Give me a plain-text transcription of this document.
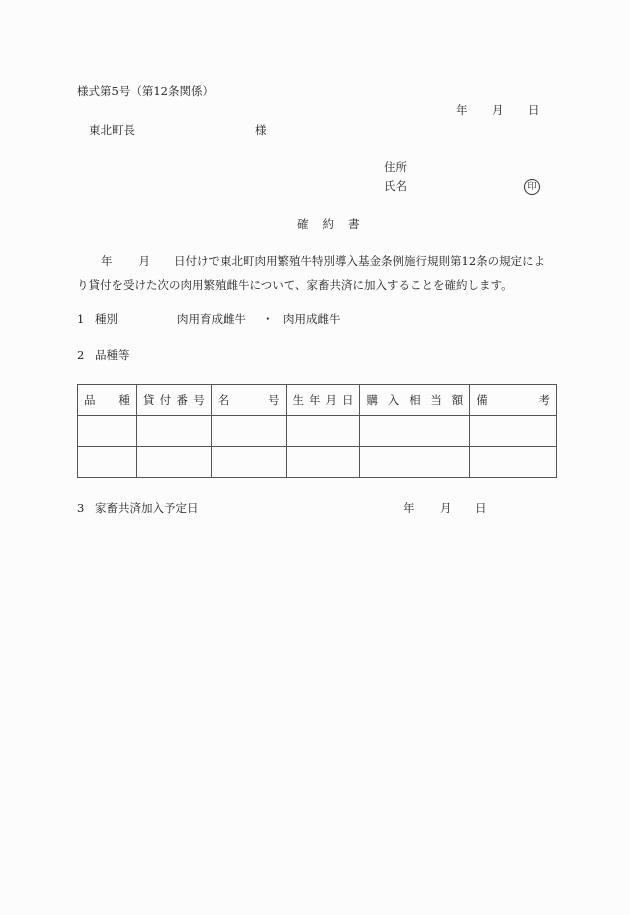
様式第5号（第12条関係）
年 月 日
東北町長	様
住所
氏名	印
確約書
年 月 日付けで東北町肉用繁殖牛特別導入基金条例施行規則第12条の規定によ
り貸付を受けた次の肉用繁殖雌牛について、家畜共済に加入することを確約します。
1 種別	肉用育成雌牛 ・ 肉用成雌牛
2 品種等
品 種	貸 付 番 号	名 号	生 年 月 日	購 入 相 当 額	備 考

3 家畜共済加入予定日	年 月 日
